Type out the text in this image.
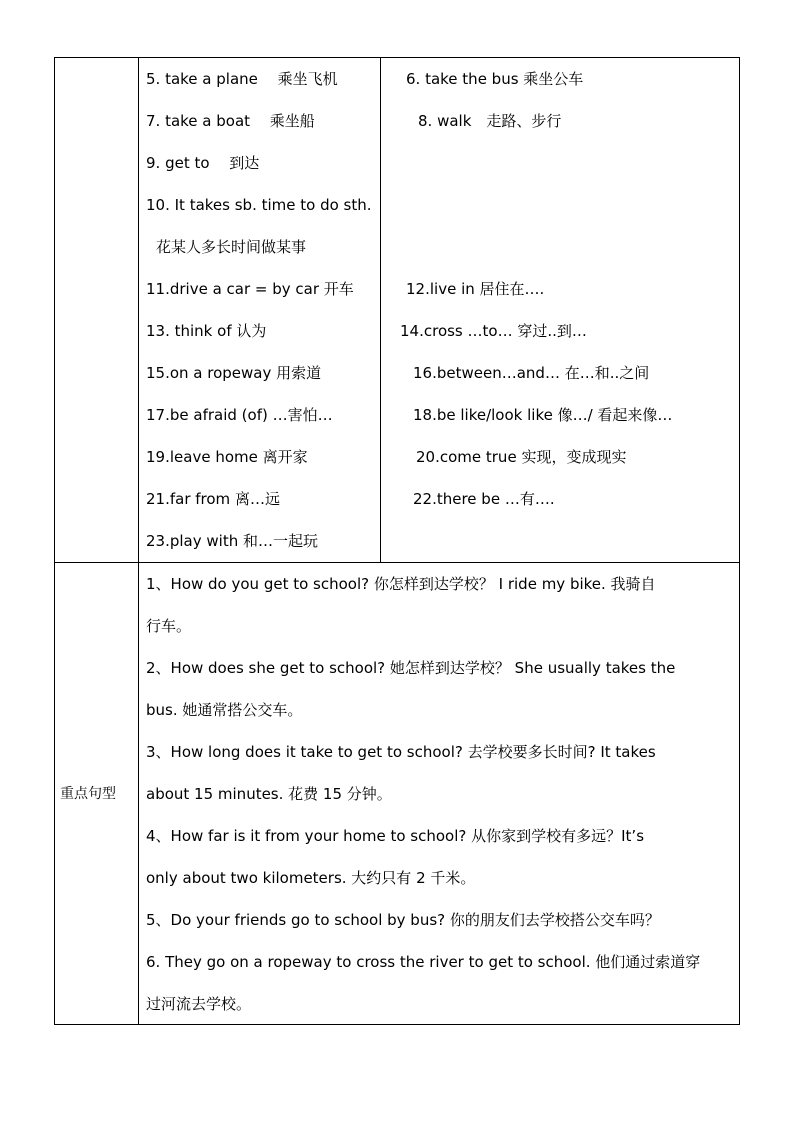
5. take a plane　 乘坐飞机
7. take a boat　 乘坐船
9. get to　 到达
10. It takes sb. time to do sth.
花某人多长时间做某事
11.drive a car = by car 开车
13. think of 认为
15.on a ropeway 用索道
17.be afraid (of) …害怕…
19.leave home 离开家
21.far from 离…远
23.play with 和…一起玩
6. take the bus 乘坐公车
8. walk　走路、步行
12.live in 居住在….
14.cross …to… 穿过..到…
16.between…and… 在…和..之间
18.be like/look like 像…/ 看起来像…
20.come true 实现，变成现实
22.there be …有….
重点句型
1、How do you get to school? 你怎样到达学校？ I ride my bike. 我骑自
行车。
2、How does she get to school? 她怎样到达学校？ She usually takes the
bus. 她通常搭公交车。
3、How long does it take to get to school? 去学校要多长时间? It takes
about 15 minutes. 花费 15 分钟。
4、How far is it from your home to school? 从你家到学校有多远？It’s
only about two kilometers. 大约只有 2 千米。
5、Do your friends go to school by bus? 你的朋友们去学校搭公交车吗？
6. They go on a ropeway to cross the river to get to school. 他们通过索道穿
过河流去学校。
